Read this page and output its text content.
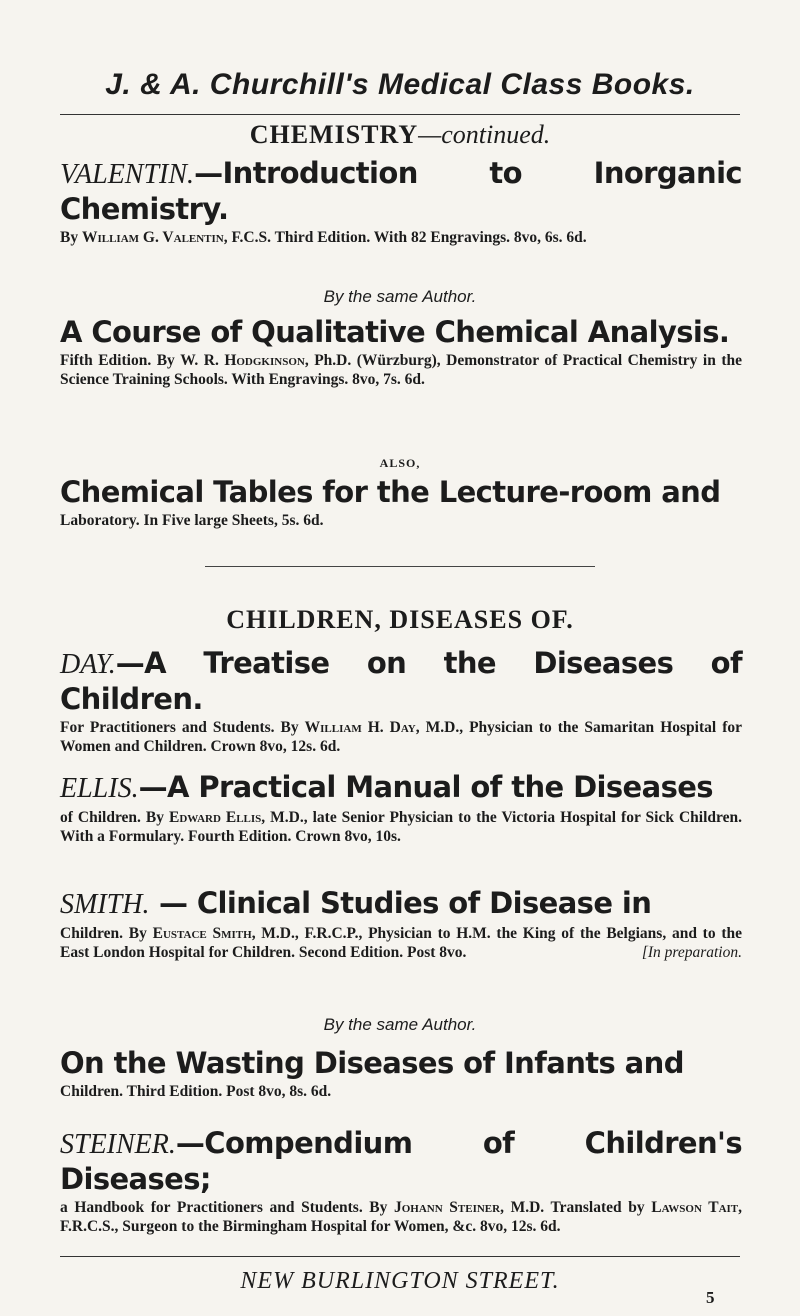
J. & A. Churchill's Medical Class Books.
CHEMISTRY—continued.
VALENTIN.—Introduction to Inorganic Chemistry.
By William G. Valentin, F.C.S. Third Edition. With 82 Engravings. 8vo, 6s. 6d.
By the same Author.
A Course of Qualitative Chemical Analysis.
Fifth Edition. By W. R. Hodgkinson, Ph.D. (Würzburg), Demonstrator of Practical Chemistry in the Science Training Schools. With Engravings. 8vo, 7s. 6d.
ALSO,
Chemical Tables for the Lecture-room and
Laboratory. In Five large Sheets, 5s. 6d.
CHILDREN, DISEASES OF.
DAY.—A Treatise on the Diseases of Children.
For Practitioners and Students. By William H. Day, M.D., Physician to the Samaritan Hospital for Women and Children. Crown 8vo, 12s. 6d.
ELLIS.—A Practical Manual of the Diseases
of Children. By Edward Ellis, M.D., late Senior Physician to the Victoria Hospital for Sick Children. With a Formulary. Fourth Edition. Crown 8vo, 10s.
SMITH. — Clinical Studies of Disease in
Children. By Eustace Smith, M.D., F.R.C.P., Physician to H.M. the King of the Belgians, and to the East London Hospital for Children. Second Edition. Post 8vo.	[In preparation.
By the same Author.
On the Wasting Diseases of Infants and
Children. Third Edition. Post 8vo, 8s. 6d.
STEINER.—Compendium of Children's Diseases;
a Handbook for Practitioners and Students. By Johann Steiner, M.D. Translated by Lawson Tait, F.R.C.S., Surgeon to the Birmingham Hospital for Women, &c. 8vo, 12s. 6d.
NEW BURLINGTON STREET.
5
